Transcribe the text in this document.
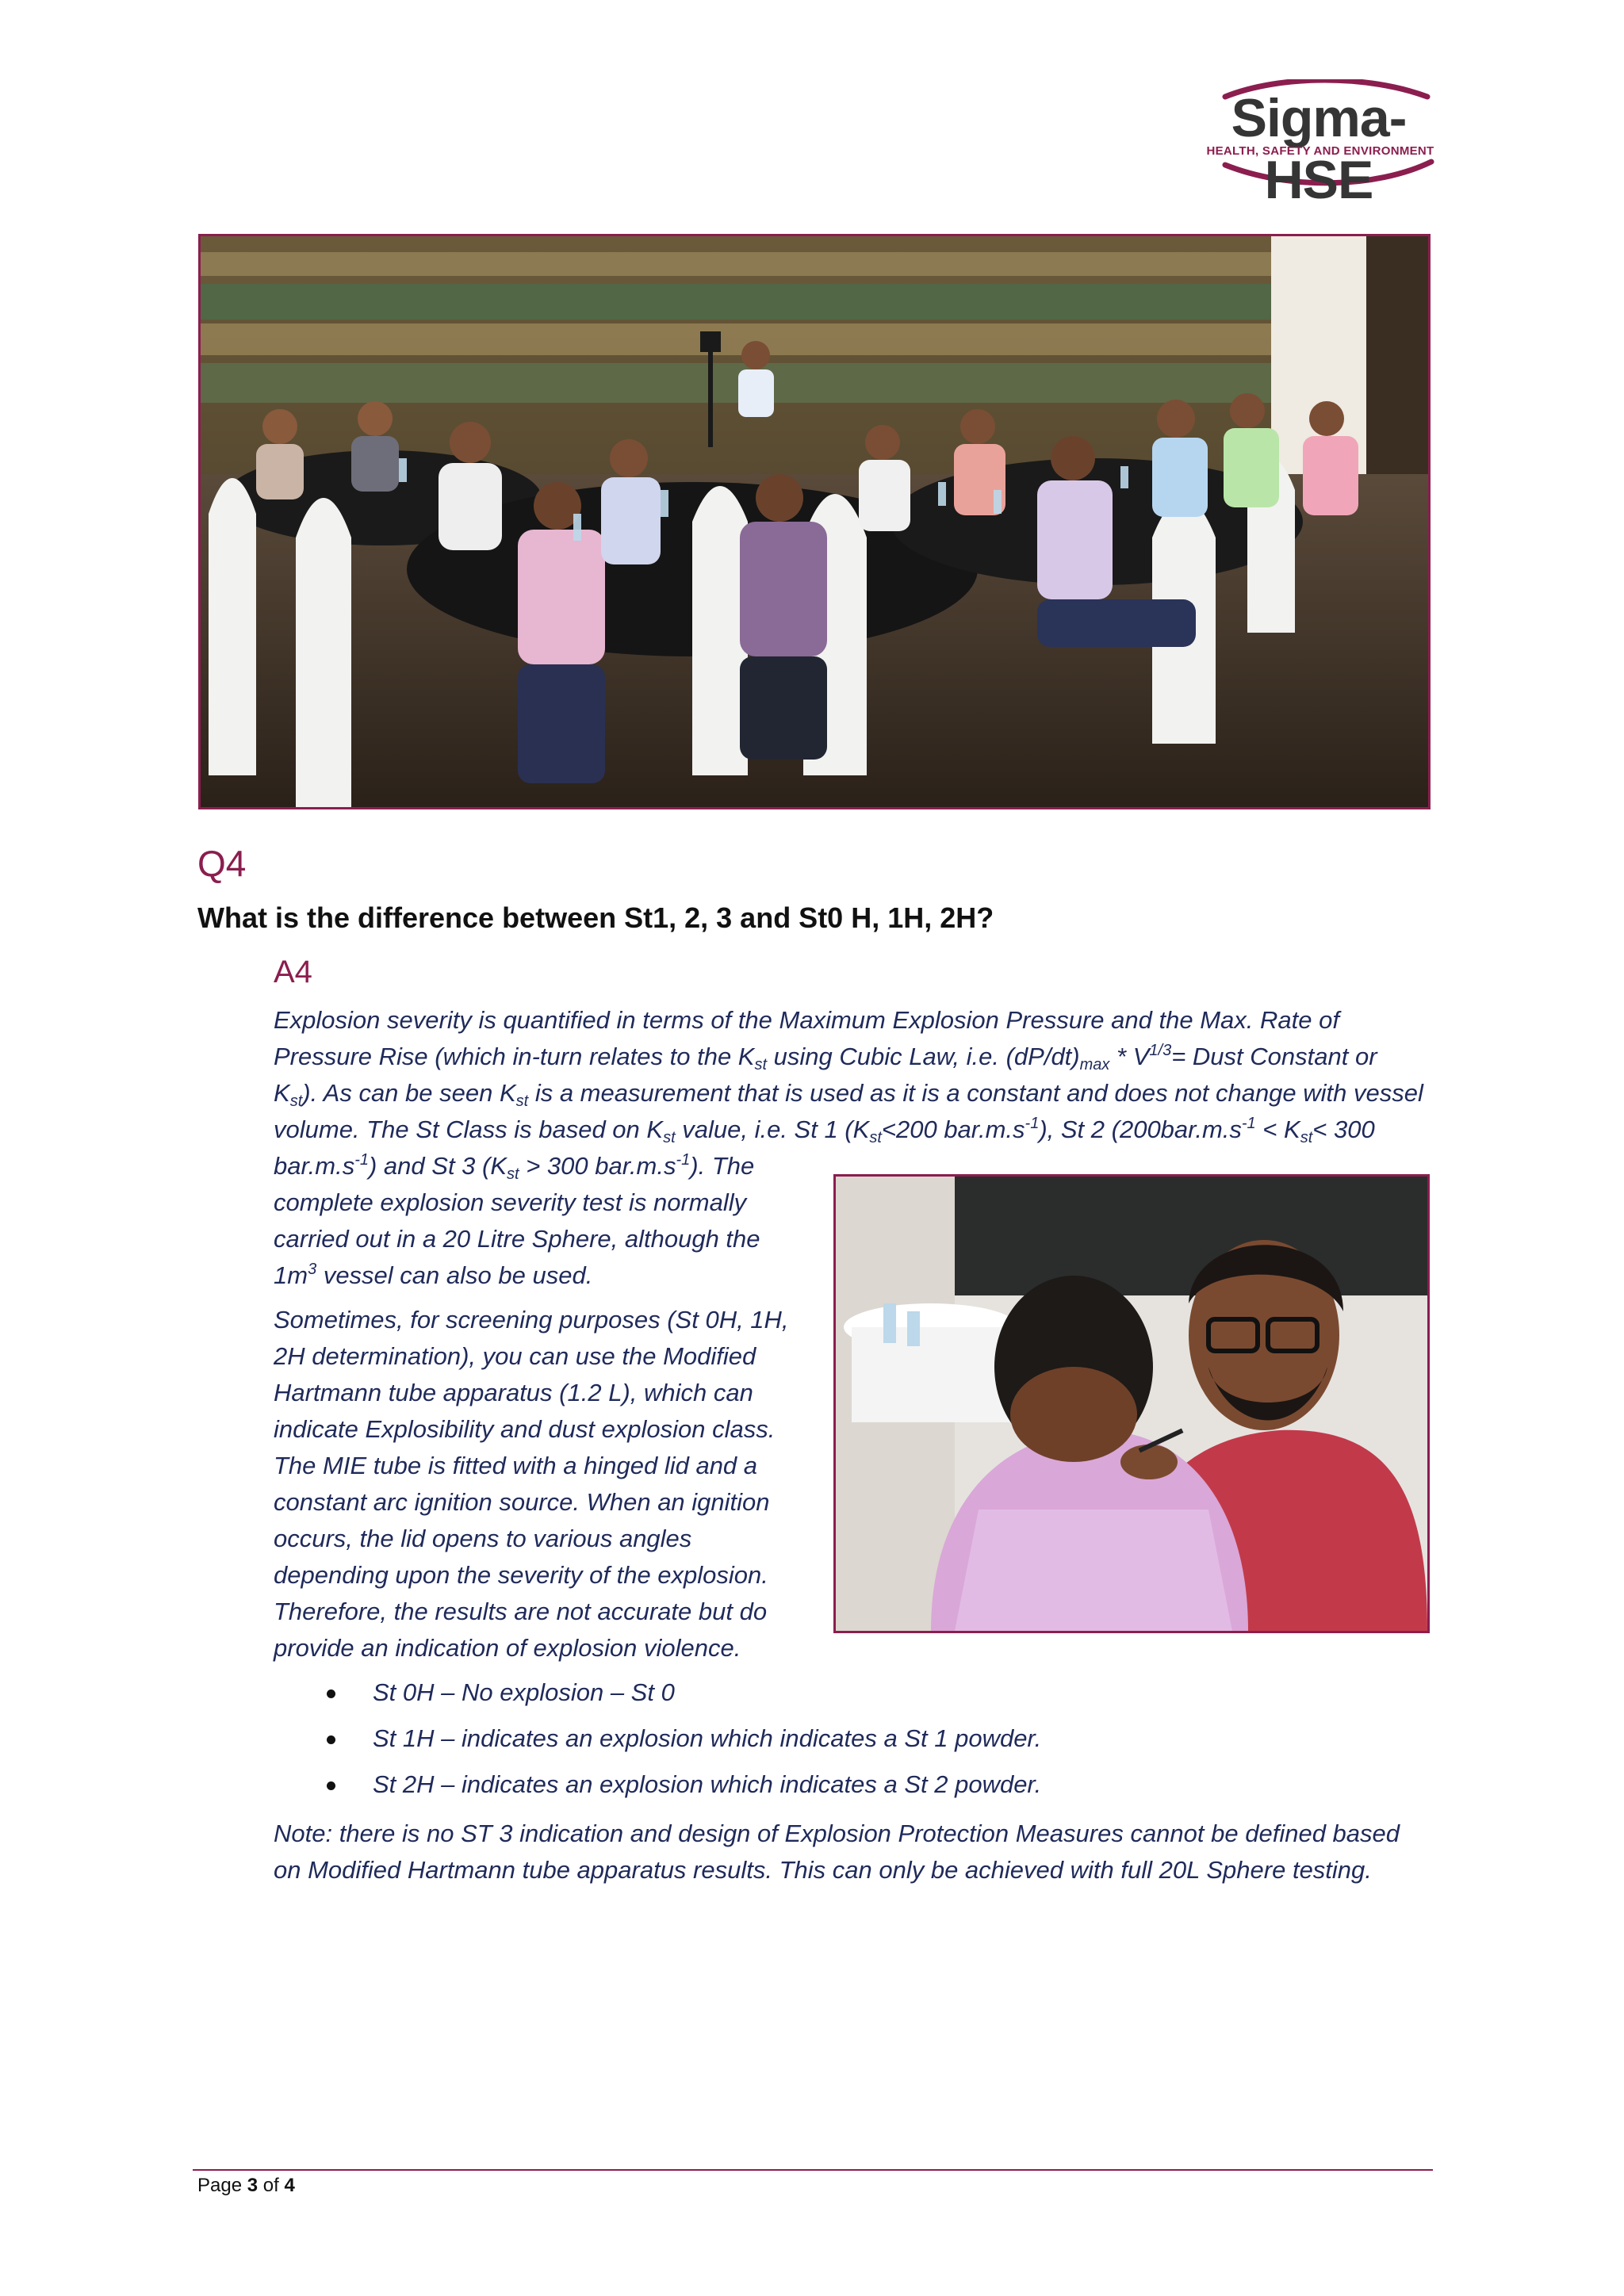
Sigma-HSE
HEALTH, SAFETY AND ENVIRONMENT
Q4
What is the difference between St1, 2, 3 and St0 H, 1H, 2H?
A4
Explosion severity is quantified in terms of the Maximum Explosion Pressure and the Max. Rate of
Pressure Rise (which in-turn relates to the $K_{st}$ using Cubic Law, i.e. $(dP/dt)_{max} * V^{1/3}=$ Dust Constant or
$K_{st}$). As can be seen $K_{st}$ is a measurement that is used as it is a constant and does not change with vessel
volume. The St Class is based on $K_{st}$ value, i.e. St 1 ($K_{st}<200$ $bar.m.s^{-1}$), St 2 ($200bar.m.s^{-1} < K_{st}< 300$
$bar.m.s^{-1}$) and St 3 ($K_{st} > 300$ $bar.m.s^{-1}$). The
complete explosion severity test is normally
carried out in a 20 Litre Sphere, although the
$1m^3$ vessel can also be used.
Sometimes, for screening purposes (St 0H, 1H,
2H determination), you can use the Modified
Hartmann tube apparatus (1.2 L), which can
indicate Explosibility and dust explosion class.
The MIE tube is fitted with a hinged lid and a
constant arc ignition source. When an ignition
occurs, the lid opens to various angles
depending upon the severity of the explosion.
Therefore, the results are not accurate but do
provide an indication of explosion violence.
St 0H – No explosion – St 0
St 1H – indicates an explosion which indicates a St 1 powder.
St 2H – indicates an explosion which indicates a St 2 powder.
Note: there is no ST 3 indication and design of Explosion Protection Measures cannot be defined based
on Modified Hartmann tube apparatus results. This can only be achieved with full 20L Sphere testing.
Page 3 of 4
